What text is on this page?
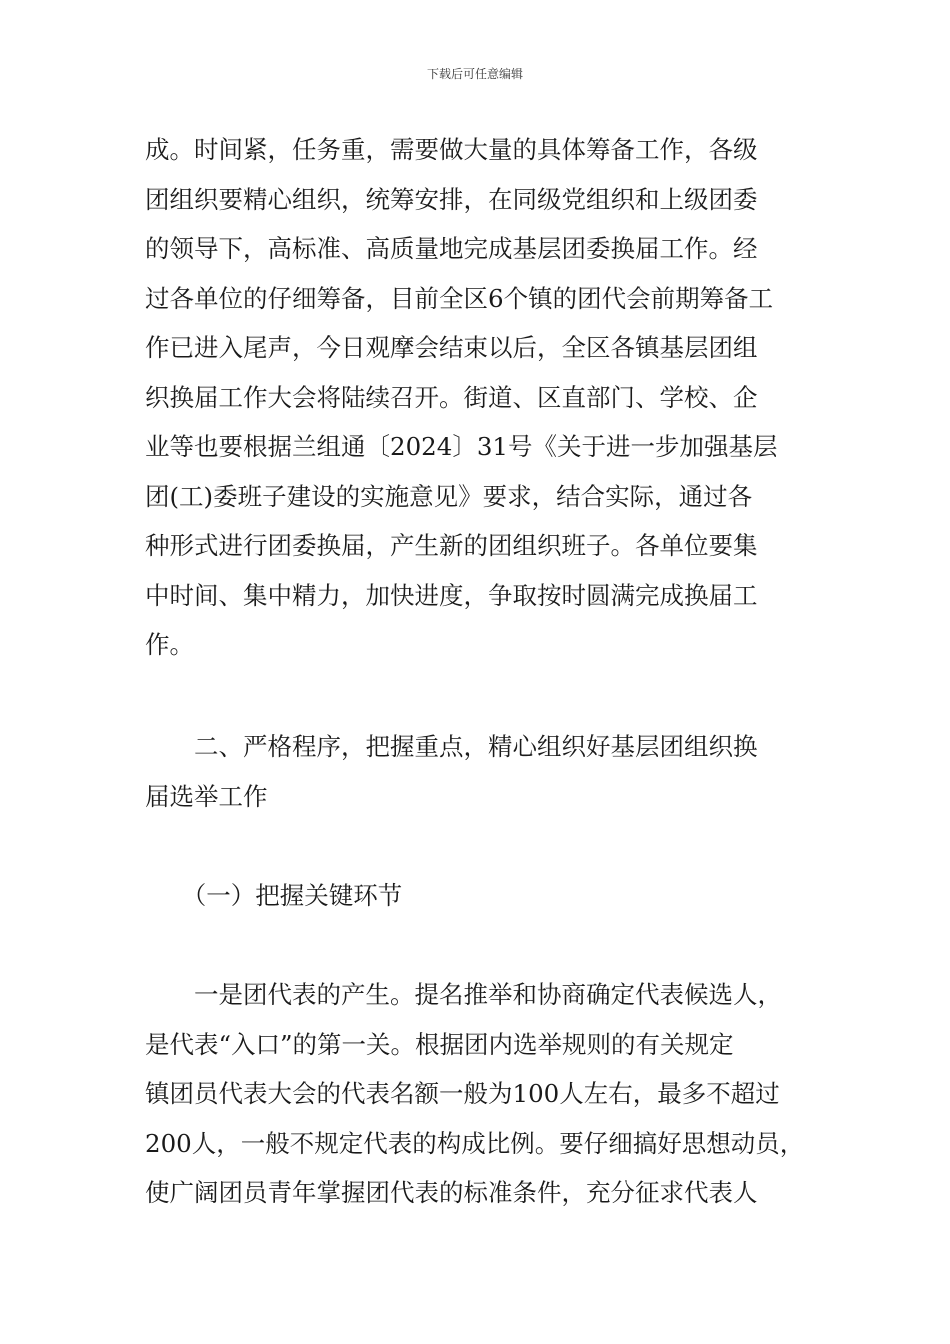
下载后可任意编辑
成。时间紧，任务重，需要做大量的具体筹备工作，各级
团组织要精心组织，统筹安排，在同级党组织和上级团委
的领导下，高标准、高质量地完成基层团委换届工作。经
过各单位的仔细筹备，目前全区6个镇的团代会前期筹备工
作已进入尾声，今日观摩会结束以后，全区各镇基层团组
织换届工作大会将陆续召开。街道、区直部门、学校、企
业等也要根据兰组通〔2024〕31号《关于进一步加强基层
团(工)委班子建设的实施意见》要求，结合实际，通过各
种形式进行团委换届，产生新的团组织班子。各单位要集
中时间、集中精力，加快进度，争取按时圆满完成换届工
作。
　　二、严格程序，把握重点，精心组织好基层团组织换
届选举工作
　　（一）把握关键环节
　　一是团代表的产生。提名推举和协商确定代表候选人，
是代表“入口”的第一关。根据团内选举规则的有关规定
镇团员代表大会的代表名额一般为100人左右，最多不超过
200人，一般不规定代表的构成比例。要仔细搞好思想动员，
使广阔团员青年掌握团代表的标准条件，充分征求代表人
